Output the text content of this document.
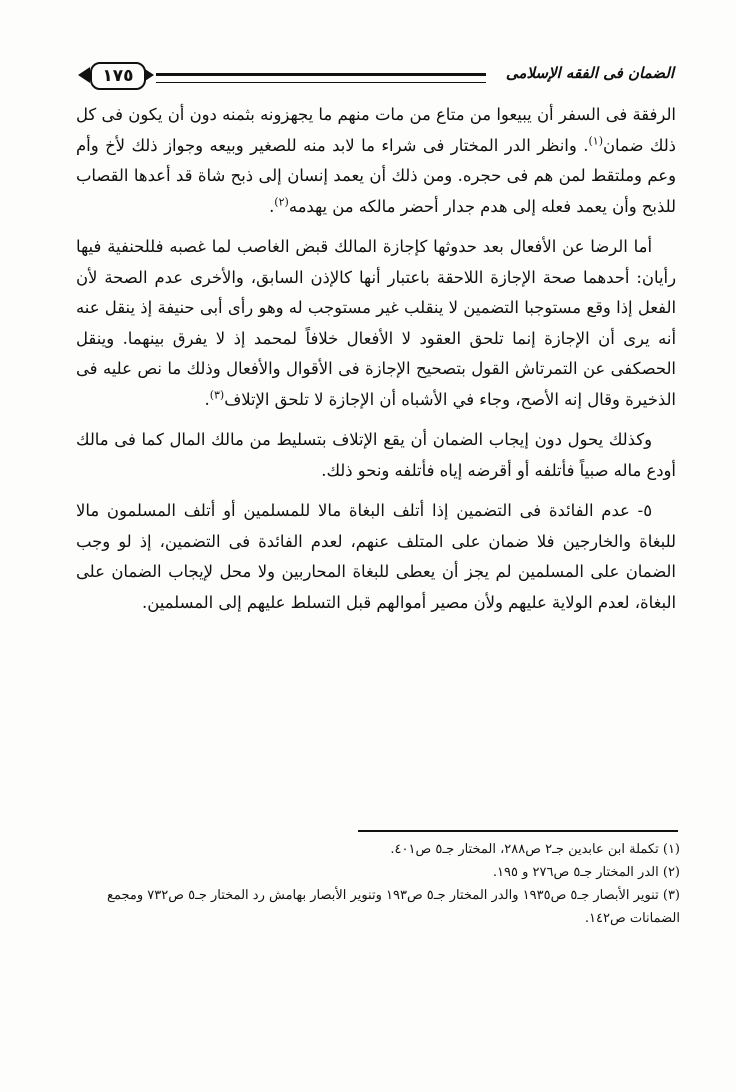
الضمان فى الفقه الإسلامى
١٧٥

الرفقة فى السفر أن يبيعوا من متاع من مات منهم ما يجهزونه بثمنه دون أن يكون فى كل ذلك ضمان$^{(١)}$. وانظر الدر المختار فى شراء ما لابد منه للصغير وبيعه وجواز ذلك لأخ وأم وعم وملتقط لمن هم فى حجره. ومن ذلك أن يعمد إنسان إلى ذبح شاة قد أعدها القصاب للذبح وأن يعمد فعله إلى هدم جدار أحضر مالكه من يهدمه$^{(٢)}$.

أما الرضا عن الأفعال بعد حدوثها كإجازة المالك قبض الغاصب لما غصبه فللحنفية فيها رأيان: أحدهما صحة الإجازة اللاحقة باعتبار أنها كالإذن السابق، والأخرى عدم الصحة لأن الفعل إذا وقع مستوجبا التضمين لا ينقلب غير مستوجب له وهو رأى أبى حنيفة إذ ينقل عنه أنه يرى أن الإجازة إنما تلحق العقود لا الأفعال خلافاً لمحمد إذ لا يفرق بينهما. وينقل الحصكفى عن التمرتاش القول بتصحيح الإجازة فى الأقوال والأفعال وذلك ما نص عليه فى الذخيرة وقال إنه الأصح، وجاء في الأشباه أن الإجازة لا تلحق الإتلاف$^{(٣)}$.

وكذلك يحول دون إيجاب الضمان أن يقع الإتلاف بتسليط من مالك المال كما فى مالك أودع ماله صبياً فأتلفه أو أقرضه إياه فأتلفه ونحو ذلك.

٥- عدم الفائدة فى التضمين إذا أتلف البغاة مالا للمسلمين أو أتلف المسلمون مالا للبغاة والخارجين فلا ضمان على المتلف عنهم، لعدم الفائدة فى التضمين، إذ لو وجب الضمان على المسلمين لم يجز أن يعطى للبغاة المحاربين ولا محل لإيجاب الضمان على البغاة، لعدم الولاية عليهم ولأن مصير أموالهم قبل التسلط عليهم إلى المسلمين.

(١) تكملة ابن عابدين جـ٢ ص٢٨٨، المختار جـ٥ ص٤٠١.

(٢) الدر المختار جـ٥ ص٢٧٦ و ١٩٥.

(٣) تنوير الأبصار جـ٥ ص١٩٣٥ والدر المختار جـ٥ ص١٩٣ وتنوير الأبصار بهامش رد المختار جـ٥ ص٧٣٢ ومجمع الضمانات ص١٤٢.
